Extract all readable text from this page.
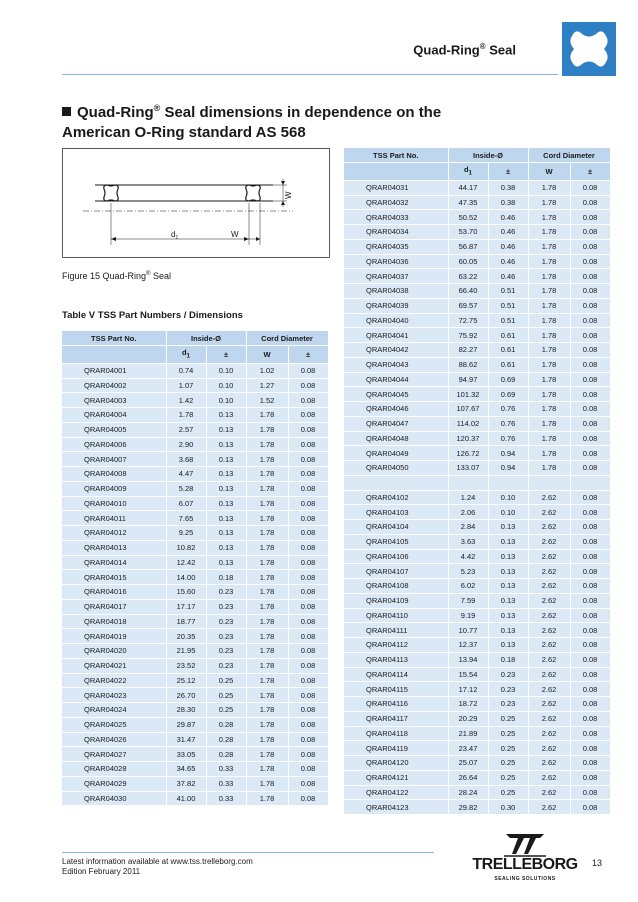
Quad-Ring® Seal
Quad-Ring® Seal dimensions in dependence on the American O-Ring standard AS 568
$d_1$	W
W
Figure 15 Quad-Ring® Seal
Table V TSS Part Numbers / Dimensions
TSS Part No.	Inside-Ø		Cord Diameter	
	$d_1$	±	W	±
QRAR04001	0.74	0.10	1.02	0.08
QRAR04002	1.07	0.10	1.27	0.08
QRAR04003	1.42	0.10	1.52	0.08
QRAR04004	1.78	0.13	1.78	0.08
QRAR04005	2.57	0.13	1.78	0.08
QRAR04006	2.90	0.13	1.78	0.08
QRAR04007	3.68	0.13	1.78	0.08
QRAR04008	4.47	0.13	1.78	0.08
QRAR04009	5.28	0.13	1.78	0.08
QRAR04010	6.07	0.13	1.78	0.08
QRAR04011	7.65	0.13	1.78	0.08
QRAR04012	9.25	0.13	1.78	0.08
QRAR04013	10.82	0.13	1.78	0.08
QRAR04014	12.42	0.13	1.78	0.08
QRAR04015	14.00	0.18	1.78	0.08
QRAR04016	15.60	0.23	1.78	0.08
QRAR04017	17.17	0.23	1.78	0.08
QRAR04018	18.77	0.23	1.78	0.08
QRAR04019	20.35	0.23	1.78	0.08
QRAR04020	21.95	0.23	1.78	0.08
QRAR04021	23.52	0.23	1.78	0.08
QRAR04022	25.12	0.25	1.78	0.08
QRAR04023	26.70	0.25	1.78	0.08
QRAR04024	28.30	0.25	1.78	0.08
QRAR04025	29.87	0.28	1.78	0.08
QRAR04026	31.47	0.28	1.78	0.08
QRAR04027	33.05	0.28	1.78	0.08
QRAR04028	34.65	0.33	1.78	0.08
QRAR04029	37.82	0.33	1.78	0.08
QRAR04030	41.00	0.33	1.78	0.08
TSS Part No.	Inside-Ø		Cord Diameter	
	$d_1$	±	W	±
QRAR04031	44.17	0.38	1.78	0.08
QRAR04032	47.35	0.38	1.78	0.08
QRAR04033	50.52	0.46	1.78	0.08
QRAR04034	53.70	0.46	1.78	0.08
QRAR04035	56.87	0.46	1.78	0.08
QRAR04036	60.05	0.46	1.78	0.08
QRAR04037	63.22	0.46	1.78	0.08
QRAR04038	66.40	0.51	1.78	0.08
QRAR04039	69.57	0.51	1.78	0.08
QRAR04040	72.75	0.51	1.78	0.08
QRAR04041	75.92	0.61	1.78	0.08
QRAR04042	82.27	0.61	1.78	0.08
QRAR04043	88.62	0.61	1.78	0.08
QRAR04044	94.97	0.69	1.78	0.08
QRAR04045	101.32	0.69	1.78	0.08
QRAR04046	107.67	0.76	1.78	0.08
QRAR04047	114.02	0.76	1.78	0.08
QRAR04048	120.37	0.76	1.78	0.08
QRAR04049	126.72	0.94	1.78	0.08
QRAR04050	133.07	0.94	1.78	0.08

QRAR04102	1.24	0.10	2.62	0.08
QRAR04103	2.06	0.10	2.62	0.08
QRAR04104	2.84	0.13	2.62	0.08
QRAR04105	3.63	0.13	2.62	0.08
QRAR04106	4.42	0.13	2.62	0.08
QRAR04107	5.23	0.13	2.62	0.08
QRAR04108	6.02	0.13	2.62	0.08
QRAR04109	7.59	0.13	2.62	0.08
QRAR04110	9.19	0.13	2.62	0.08
QRAR04111	10.77	0.13	2.62	0.08
QRAR04112	12.37	0.13	2.62	0.08
QRAR04113	13.94	0.18	2.62	0.08
QRAR04114	15.54	0.23	2.62	0.08
QRAR04115	17.12	0.23	2.62	0.08
QRAR04116	18.72	0.23	2.62	0.08
QRAR04117	20.29	0.25	2.62	0.08
QRAR04118	21.89	0.25	2.62	0.08
QRAR04119	23.47	0.25	2.62	0.08
QRAR04120	25.07	0.25	2.62	0.08
QRAR04121	26.64	0.25	2.62	0.08
QRAR04122	28.24	0.25	2.62	0.08
QRAR04123	29.82	0.30	2.62	0.08
Latest information available at www.tss.trelleborg.com
Edition February 2011	TRELLEBORG
SEALING SOLUTIONS
13
